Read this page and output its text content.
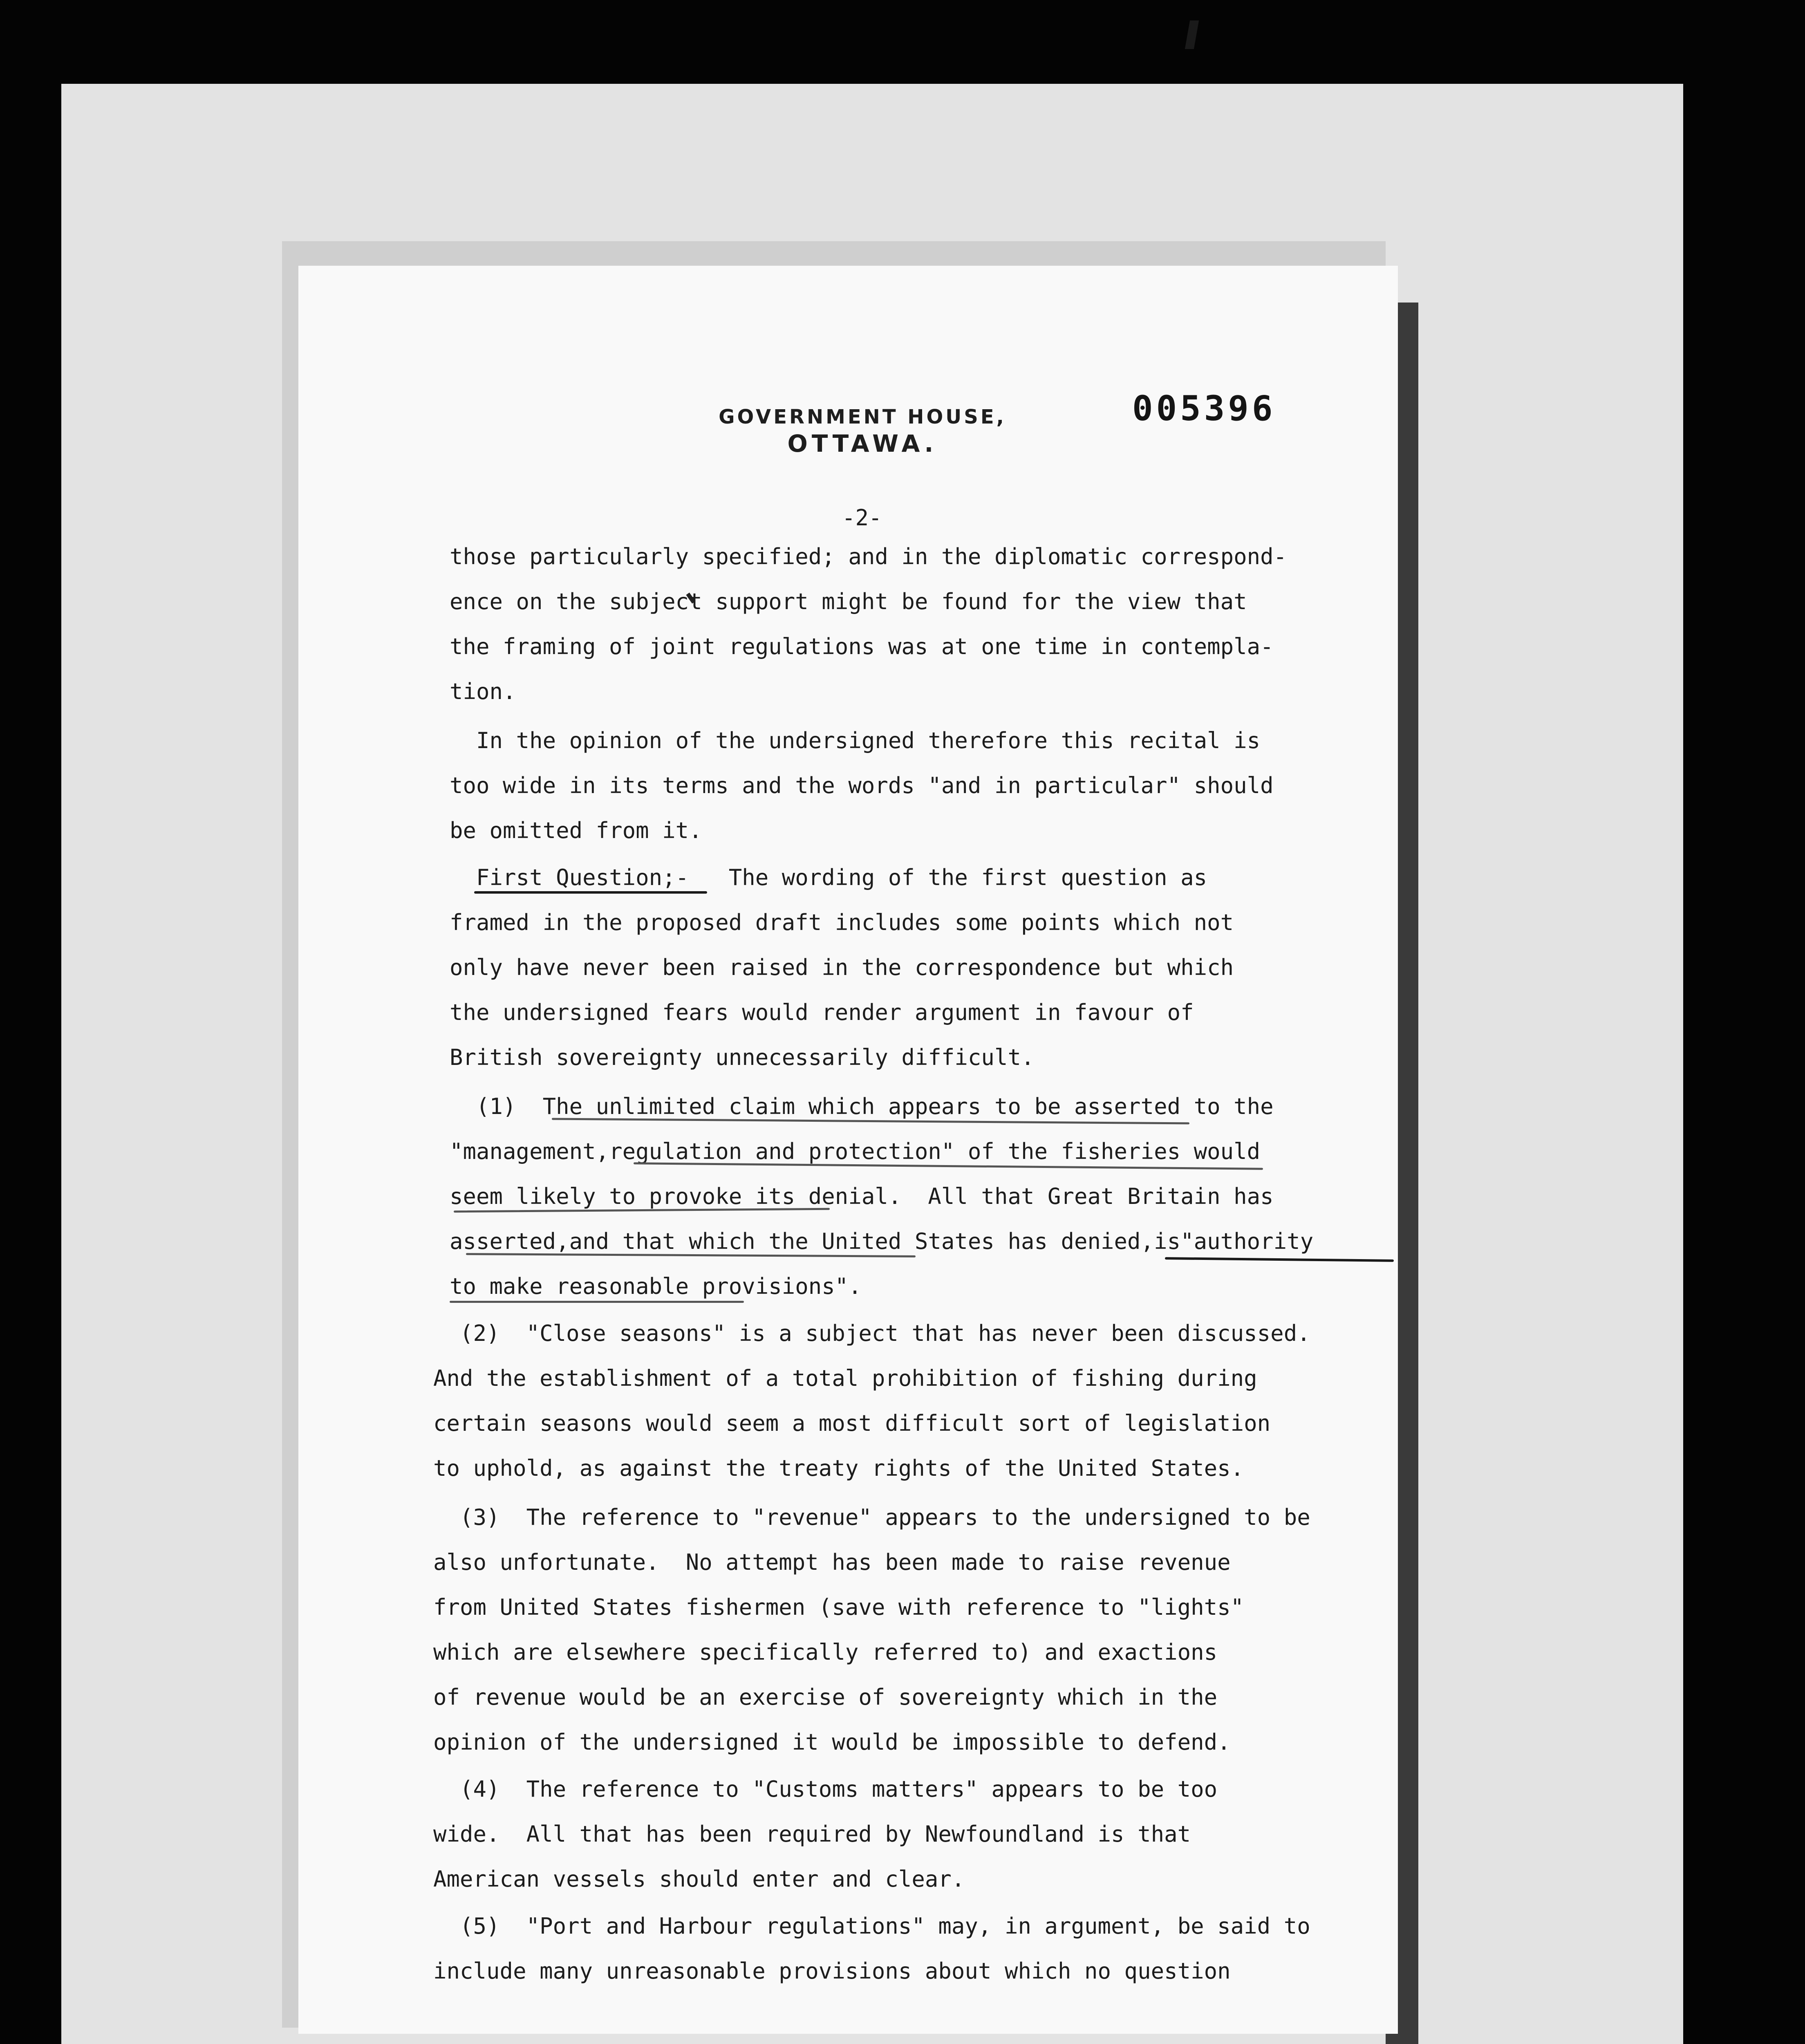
GOVERNMENT HOUSE,
OTTAWA.
005396
-2-
those particularly specified; and in the diplomatic correspond-
ence on the subject support might be found for the view that
the framing of joint regulations was at one time in contempla-
tion.
In the opinion of the undersigned therefore this recital is
too wide in its terms and the words "and in particular" should
be omitted from it.
First Question;-   The wording of the first question as
framed in the proposed draft includes some points which not
only have never been raised in the correspondence but which
the undersigned fears would render argument in favour of
British sovereignty unnecessarily difficult.
(1)  The unlimited claim which appears to be asserted to the
"management,regulation and protection" of the fisheries would
seem likely to provoke its denial.  All that Great Britain has
asserted,and that which the United States has denied,is"authority
to make reasonable provisions".
(2)  "Close seasons" is a subject that has never been discussed.
And the establishment of a total prohibition of fishing during
certain seasons would seem a most difficult sort of legislation
to uphold, as against the treaty rights of the United States.
(3)  The reference to "revenue" appears to the undersigned to be
also unfortunate.  No attempt has been made to raise revenue
from United States fishermen (save with reference to "lights"
which are elsewhere specifically referred to) and exactions
of revenue would be an exercise of sovereignty which in the
opinion of the undersigned it would be impossible to defend.
(4)  The reference to "Customs matters" appears to be too
wide.  All that has been required by Newfoundland is that
American vessels should enter and clear.
(5)  "Port and Harbour regulations" may, in argument, be said to
include many unreasonable provisions about which no question
